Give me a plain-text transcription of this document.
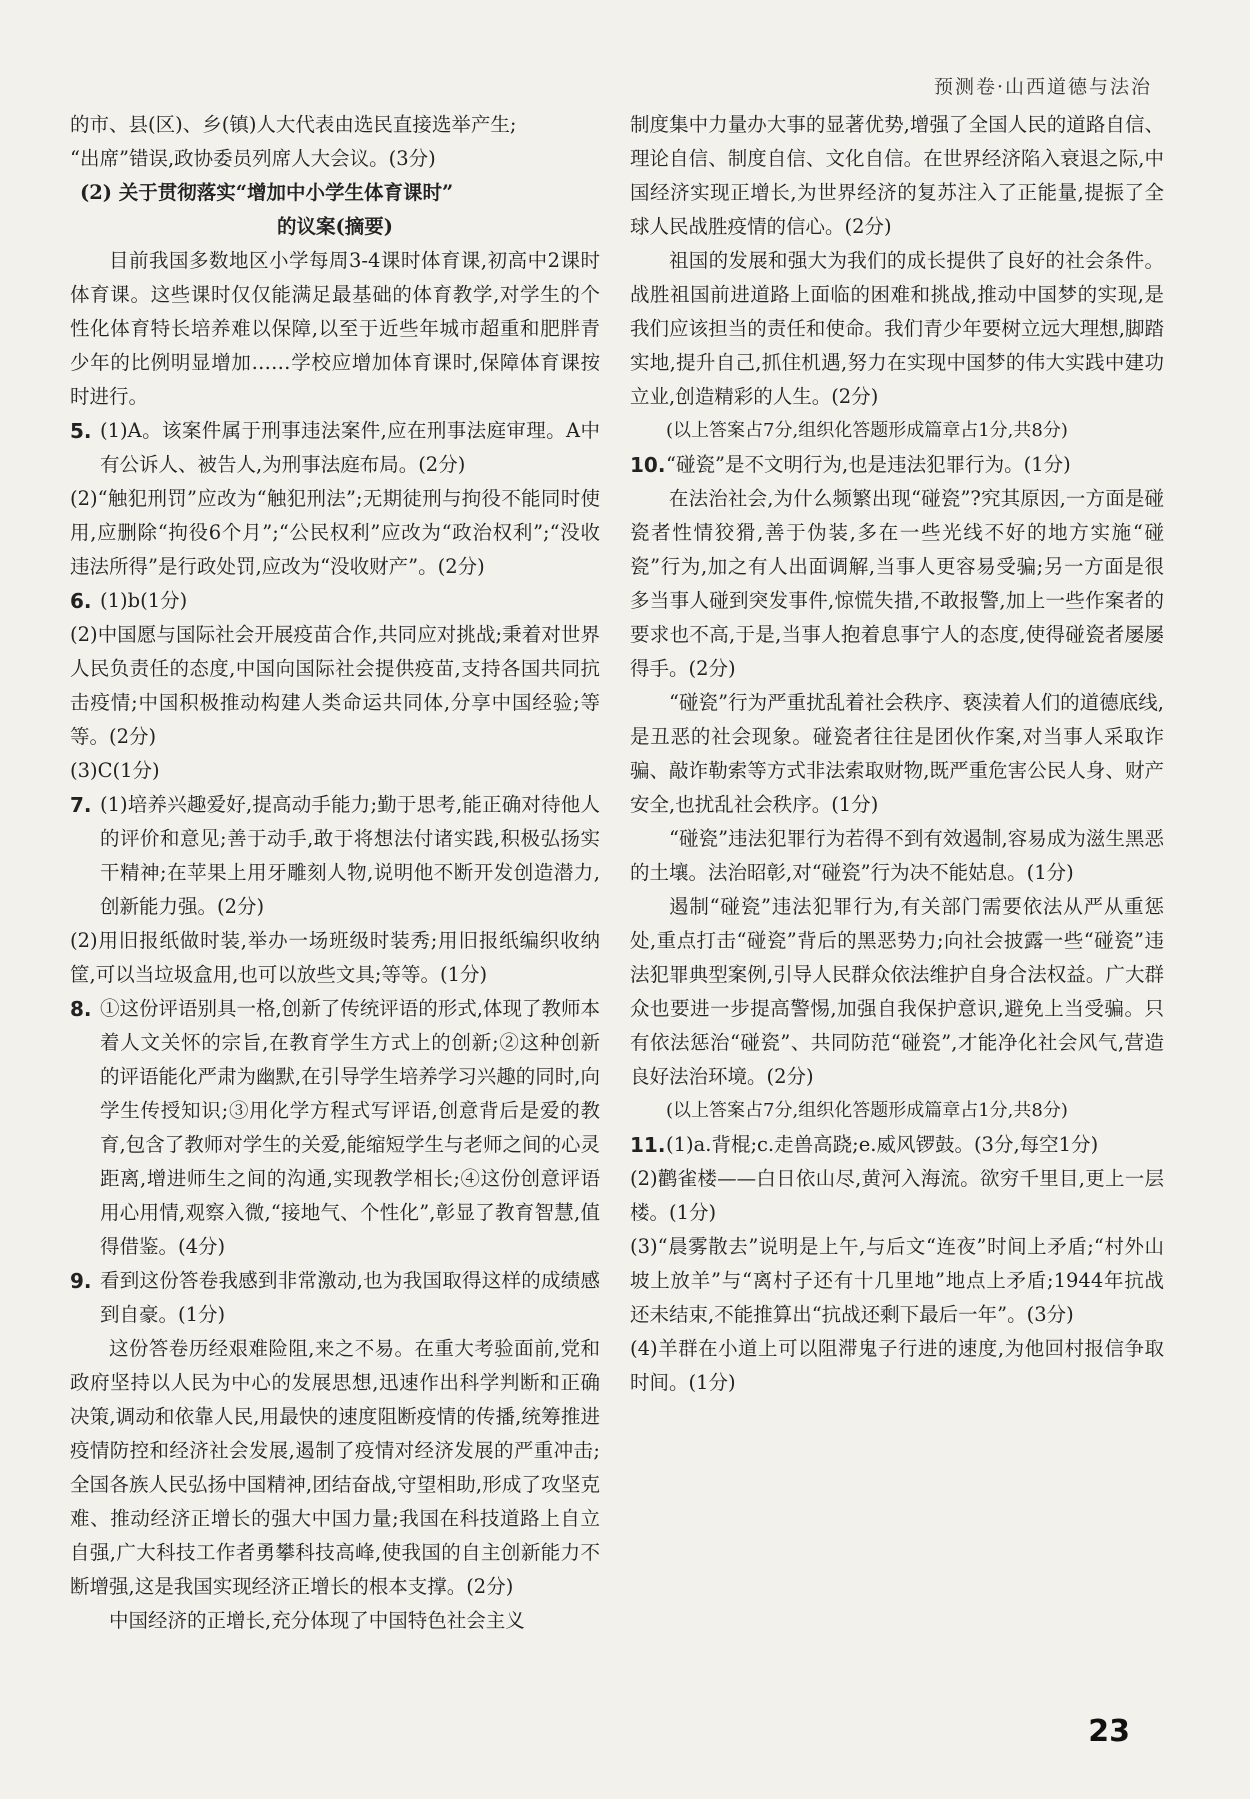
预测卷·山西道德与法治

的市、县(区)、乡(镇)人大代表由选民直接选举产生;

“出席”错误,政协委员列席人大会议。(3分)

(2) 关于贯彻落实“增加中小学生体育课时”

的议案(摘要)

目前我国多数地区小学每周3-4课时体育课,初高中2课时体育课。这些课时仅仅能满足最基础的体育教学,对学生的个性化体育特长培养难以保障,以至于近些年城市超重和肥胖青少年的比例明显增加……学校应增加体育课时,保障体育课按时进行。

5. (1)A。该案件属于刑事违法案件,应在刑事法庭审理。A中有公诉人、被告人,为刑事法庭布局。(2分)

(2)“触犯刑罚”应改为“触犯刑法”;无期徒刑与拘役不能同时使用,应删除“拘役6个月”;“公民权利”应改为“政治权利”;“没收违法所得”是行政处罚,应改为“没收财产”。(2分)

6. (1)b(1分)

(2)中国愿与国际社会开展疫苗合作,共同应对挑战;秉着对世界人民负责任的态度,中国向国际社会提供疫苗,支持各国共同抗击疫情;中国积极推动构建人类命运共同体,分享中国经验;等等。(2分)

(3)C(1分)

7. (1)培养兴趣爱好,提高动手能力;勤于思考,能正确对待他人的评价和意见;善于动手,敢于将想法付诸实践,积极弘扬实干精神;在苹果上用牙雕刻人物,说明他不断开发创造潜力,创新能力强。(2分)

(2)用旧报纸做时装,举办一场班级时装秀;用旧报纸编织收纳筐,可以当垃圾盒用,也可以放些文具;等等。(1分)

8. ①这份评语别具一格,创新了传统评语的形式,体现了教师本着人文关怀的宗旨,在教育学生方式上的创新;②这种创新的评语能化严肃为幽默,在引导学生培养学习兴趣的同时,向学生传授知识;③用化学方程式写评语,创意背后是爱的教育,包含了教师对学生的关爱,能缩短学生与老师之间的心灵距离,增进师生之间的沟通,实现教学相长;④这份创意评语用心用情,观察入微,“接地气、个性化”,彰显了教育智慧,值得借鉴。(4分)

9. 看到这份答卷我感到非常激动,也为我国取得这样的成绩感到自豪。(1分)

这份答卷历经艰难险阻,来之不易。在重大考验面前,党和政府坚持以人民为中心的发展思想,迅速作出科学判断和正确决策,调动和依靠人民,用最快的速度阻断疫情的传播,统筹推进疫情防控和经济社会发展,遏制了疫情对经济发展的严重冲击;全国各族人民弘扬中国精神,团结奋战,守望相助,形成了攻坚克难、推动经济正增长的强大中国力量;我国在科技道路上自立自强,广大科技工作者勇攀科技高峰,使我国的自主创新能力不断增强,这是我国实现经济正增长的根本支撑。(2分)

中国经济的正增长,充分体现了中国特色社会主义

制度集中力量办大事的显著优势,增强了全国人民的道路自信、理论自信、制度自信、文化自信。在世界经济陷入衰退之际,中国经济实现正增长,为世界经济的复苏注入了正能量,提振了全球人民战胜疫情的信心。(2分)

祖国的发展和强大为我们的成长提供了良好的社会条件。战胜祖国前进道路上面临的困难和挑战,推动中国梦的实现,是我们应该担当的责任和使命。我们青少年要树立远大理想,脚踏实地,提升自己,抓住机遇,努力在实现中国梦的伟大实践中建功立业,创造精彩的人生。(2分)

(以上答案占7分,组织化答题形成篇章占1分,共8分)

10. “碰瓷”是不文明行为,也是违法犯罪行为。(1分)

在法治社会,为什么频繁出现“碰瓷”?究其原因,一方面是碰瓷者性情狡猾,善于伪装,多在一些光线不好的地方实施“碰瓷”行为,加之有人出面调解,当事人更容易受骗;另一方面是很多当事人碰到突发事件,惊慌失措,不敢报警,加上一些作案者的要求也不高,于是,当事人抱着息事宁人的态度,使得碰瓷者屡屡得手。(2分)

“碰瓷”行为严重扰乱着社会秩序、亵渎着人们的道德底线,是丑恶的社会现象。碰瓷者往往是团伙作案,对当事人采取诈骗、敲诈勒索等方式非法索取财物,既严重危害公民人身、财产安全,也扰乱社会秩序。(1分)

“碰瓷”违法犯罪行为若得不到有效遏制,容易成为滋生黑恶的土壤。法治昭彰,对“碰瓷”行为决不能姑息。(1分)

遏制“碰瓷”违法犯罪行为,有关部门需要依法从严从重惩处,重点打击“碰瓷”背后的黑恶势力;向社会披露一些“碰瓷”违法犯罪典型案例,引导人民群众依法维护自身合法权益。广大群众也要进一步提高警惕,加强自我保护意识,避免上当受骗。只有依法惩治“碰瓷”、共同防范“碰瓷”,才能净化社会风气,营造良好法治环境。(2分)

(以上答案占7分,组织化答题形成篇章占1分,共8分)

11. (1)a.背棍;c.走兽高跷;e.威风锣鼓。(3分,每空1分)

(2)鹳雀楼——白日依山尽,黄河入海流。欲穷千里目,更上一层楼。(1分)

(3)“晨雾散去”说明是上午,与后文“连夜”时间上矛盾;“村外山坡上放羊”与“离村子还有十几里地”地点上矛盾;1944年抗战还未结束,不能推算出“抗战还剩下最后一年”。(3分)

(4)羊群在小道上可以阻滞鬼子行进的速度,为他回村报信争取时间。(1分)

23
